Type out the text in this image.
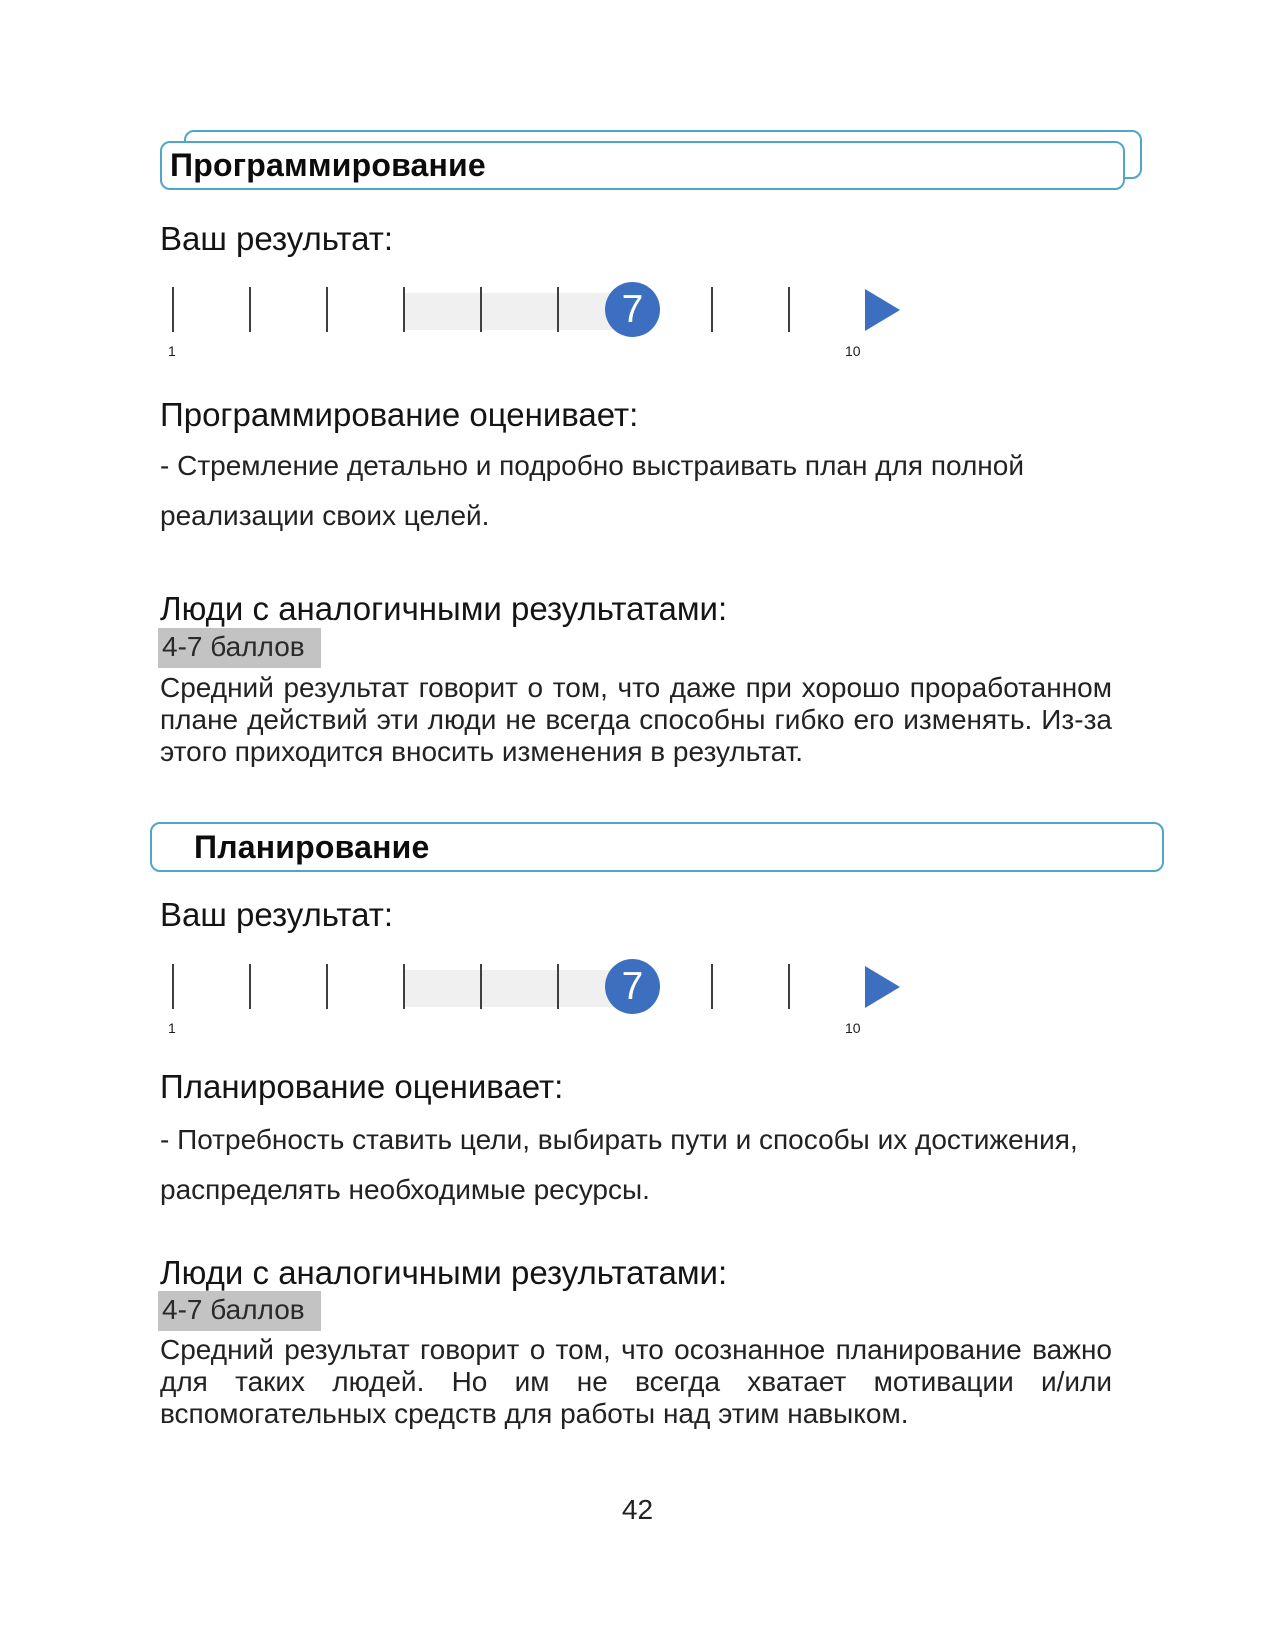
Программирование
Ваш результат:
7
1	10
Программирование оценивает:
- Стремление детально и подробно выстраивать план для полной
реализации своих целей.
Люди с аналогичными результатами:
4-7 баллов

Средний результат говорит о том, что даже при хорошо проработанном плане действий эти люди не всегда способны гибко его изменять. Из-за этого приходится вносить изменения в результат.

Планирование
Ваш результат:
7
1	10
Планирование оценивает:
- Потребность ставить цели, выбирать пути и способы их достижения,
распределять необходимые ресурсы.
Люди с аналогичными результатами:
4-7 баллов

Средний результат говорит о том, что осознанное планирование важно для таких людей. Но им не всегда хватает мотивации и/или вспомогательных средств для работы над этим навыком.

42
